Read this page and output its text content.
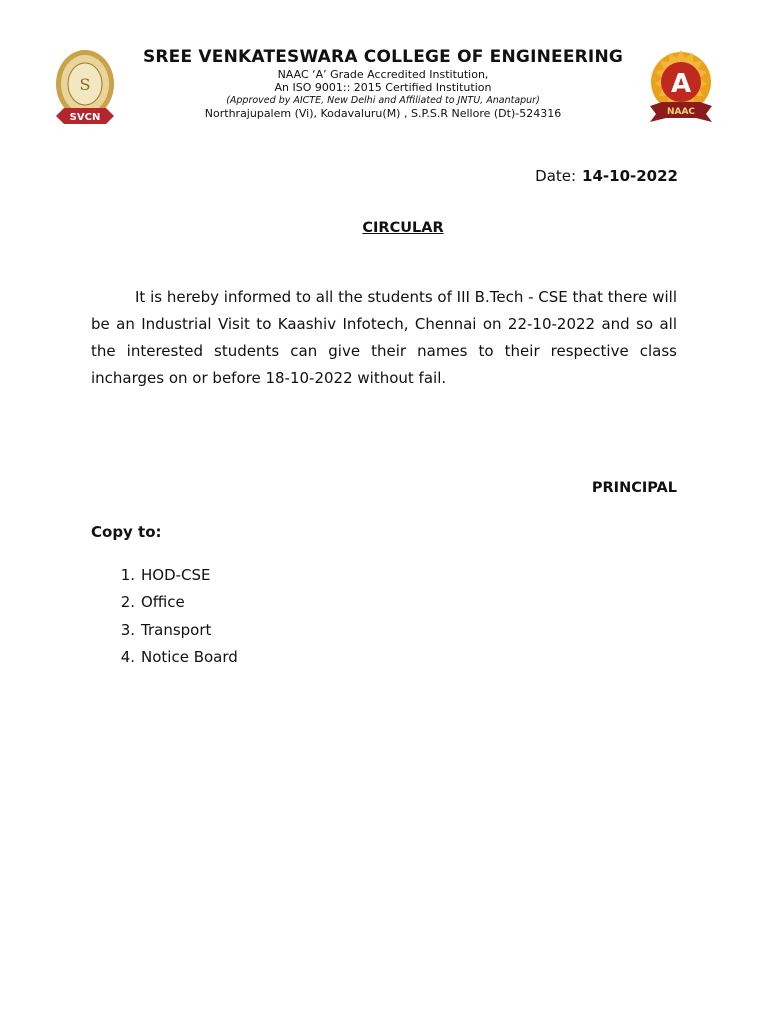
S
SVCN

SREE VENKATESWARA COLLEGE OF ENGINEERING

NAAC ‘A’ Grade Accredited Institution,

An ISO 9001:: 2015 Certified Institution

(Approved by AICTE, New Delhi and Affiliated to JNTU, Anantapur)

Northrajupalem (Vi), Kodavaluru(M) , S.P.S.R Nellore (Dt)-524316

A
NAAC
Date: 14-10-2022
CIRCULAR

It is hereby informed to all the students of III B.Tech - CSE that there will be an Industrial Visit to Kaashiv Infotech, Chennai on 22-10-2022 and so all the interested students can give their names to their respective class incharges on or before 18-10-2022 without fail.

PRINCIPAL
Copy to:
1. HOD-CSE
2. Office
3. Transport
4. Notice Board
